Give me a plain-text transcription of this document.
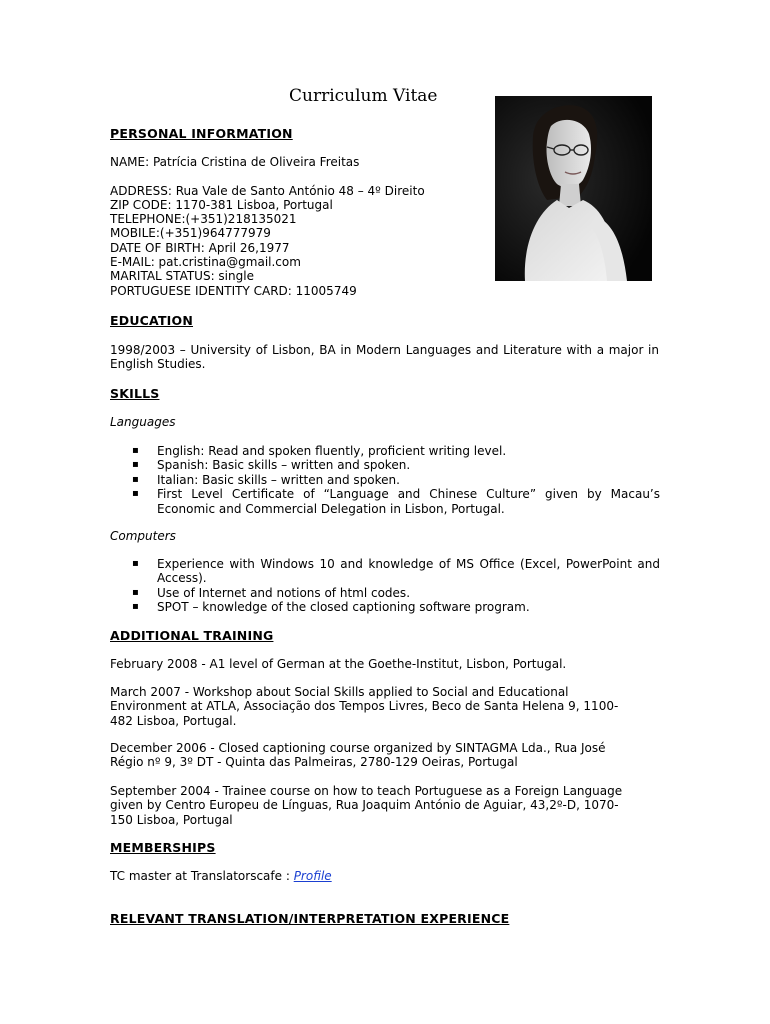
Curriculum Vitae
PERSONAL INFORMATION
NAME: Patrícia Cristina de Oliveira Freitas
ADDRESS: Rua Vale de Santo António 48 – 4º Direito
ZIP CODE: 1170-381 Lisboa, Portugal
TELEPHONE:(+351)218135021
MOBILE:(+351)964777979
DATE OF BIRTH: April 26,1977
E-MAIL: pat.cristina@gmail.com
MARITAL STATUS: single
PORTUGUESE IDENTITY CARD: 11005749
EDUCATION
1998/2003 – University of Lisbon, BA in Modern Languages and Literature with a major in English Studies.
SKILLS
Languages
▪ English: Read and spoken fluently, proficient writing level.
▪ Spanish: Basic skills – written and spoken.
▪ Italian: Basic skills – written and spoken.
▪ First Level Certificate of “Language and Chinese Culture” given by Macau’s Economic and Commercial Delegation in Lisbon, Portugal.
Computers
▪ Experience with Windows 10 and knowledge of MS Office (Excel, PowerPoint and Access).
▪ Use of Internet and notions of html codes.
▪ SPOT – knowledge of the closed captioning software program.
ADDITIONAL TRAINING
February 2008 - A1 level of German at the Goethe-Institut, Lisbon, Portugal.
March 2007 - Workshop about Social Skills applied to Social and Educational Environment at ATLA, Associação dos Tempos Livres, Beco de Santa Helena 9, 1100-482 Lisboa, Portugal.
December 2006 - Closed captioning course organized by SINTAGMA Lda., Rua José Régio nº 9, 3º DT - Quinta das Palmeiras, 2780-129 Oeiras, Portugal
September 2004 - Trainee course on how to teach Portuguese as a Foreign Language given by Centro Europeu de Línguas, Rua Joaquim António de Aguiar, 43,2º-D, 1070-150 Lisboa, Portugal
MEMBERSHIPS
TC master at Translatorscafe : Profile
RELEVANT TRANSLATION/INTERPRETATION EXPERIENCE
